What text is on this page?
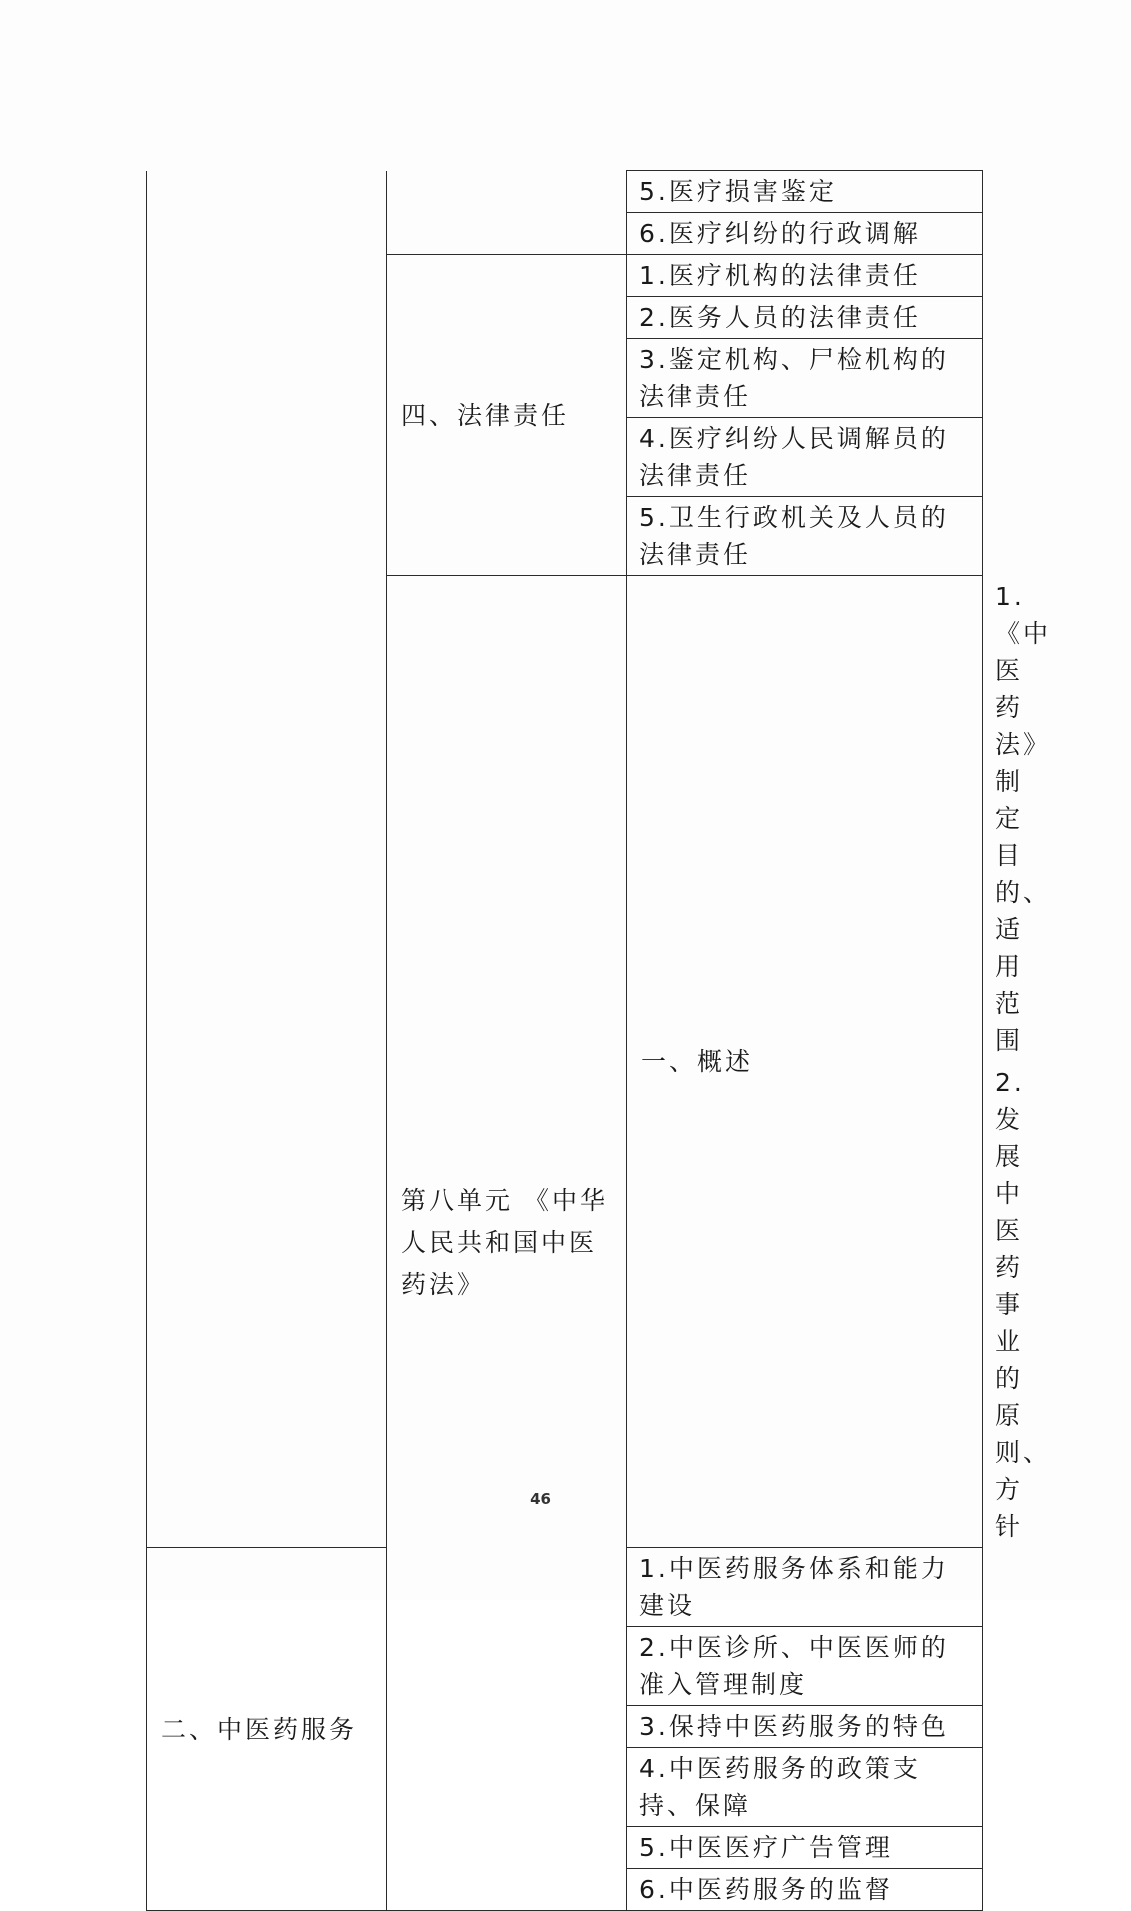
		5.医疗损害鉴定	
		6.医疗纠纷的行政调解	
	四、法律责任	1.医疗机构的法律责任	
		2.医务人员的法律责任	
		3.鉴定机构、尸检机构的法律责任	
		4.医疗纠纷人民调解员的法律责任	
		5.卫生行政机关及人员的法律责任	
	第八单元 《中华人民共和国中医药法》	一、概述	1.《中医药法》制定目的、适用范围
			2.发展中医药事业的原则、方针
二、中医药服务		1.中医药服务体系和能力建设	
		2.中医诊所、中医医师的准入管理制度	
		3.保持中医药服务的特色	
		4.中医药服务的政策支持、保障	
		5.中医医疗广告管理	
		6.中医药服务的监督	
46
